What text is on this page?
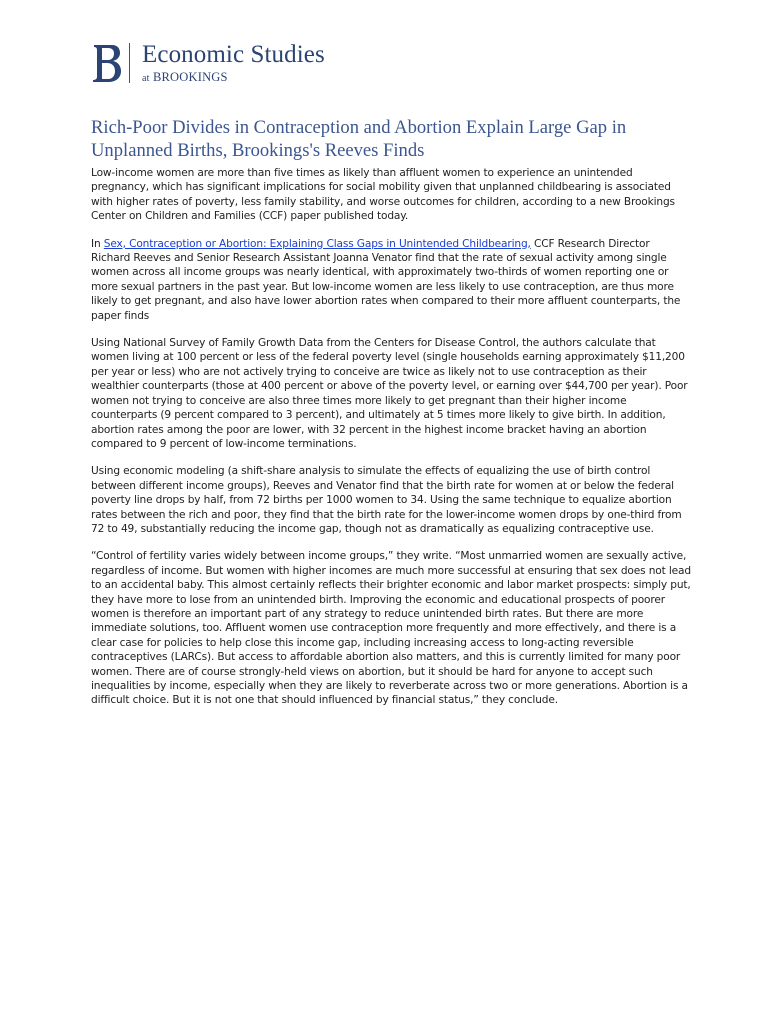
Economic Studies
at BROOKINGS
Rich-Poor Divides in Contraception and Abortion Explain Large Gap in Unplanned Births, Brookings's Reeves Finds

Low-income women are more than five times as likely than affluent women to experience an unintended pregnancy, which has significant implications for social mobility given that unplanned childbearing is associated with higher rates of poverty, less family stability, and worse outcomes for children, according to a new Brookings Center on Children and Families (CCF) paper published today.

In Sex, Contraception or Abortion: Explaining Class Gaps in Unintended Childbearing, CCF Research Director Richard Reeves and Senior Research Assistant Joanna Venator find that the rate of sexual activity among single women across all income groups was nearly identical, with approximately two-thirds of women reporting one or more sexual partners in the past year. But low-income women are less likely to use contraception, are thus more likely to get pregnant, and also have lower abortion rates when compared to their more affluent counterparts, the paper finds

Using National Survey of Family Growth Data from the Centers for Disease Control, the authors calculate that women living at 100 percent or less of the federal poverty level (single households earning approximately $11,200 per year or less) who are not actively trying to conceive are twice as likely not to use contraception as their wealthier counterparts (those at 400 percent or above of the poverty level, or earning over $44,700 per year). Poor women not trying to conceive are also three times more likely to get pregnant than their higher income counterparts (9 percent compared to 3 percent), and ultimately at 5 times more likely to give birth. In addition, abortion rates among the poor are lower, with 32 percent in the highest income bracket having an abortion compared to 9 percent of low-income terminations.

Using economic modeling (a shift-share analysis to simulate the effects of equalizing the use of birth control between different income groups), Reeves and Venator find that the birth rate for women at or below the federal poverty line drops by half, from 72 births per 1000 women to 34. Using the same technique to equalize abortion rates between the rich and poor, they find that the birth rate for the lower-income women drops by one-third from 72 to 49, substantially reducing the income gap, though not as dramatically as equalizing contraceptive use.

“Control of fertility varies widely between income groups,” they write. “Most unmarried women are sexually active, regardless of income. But women with higher incomes are much more successful at ensuring that sex does not lead to an accidental baby. This almost certainly reflects their brighter economic and labor market prospects: simply put, they have more to lose from an unintended birth. Improving the economic and educational prospects of poorer women is therefore an important part of any strategy to reduce unintended birth rates. But there are more immediate solutions, too. Affluent women use contraception more frequently and more effectively, and there is a clear case for policies to help close this income gap, including increasing access to long-acting reversible contraceptives (LARCs). But access to affordable abortion also matters, and this is currently limited for many poor women. There are of course strongly-held views on abortion, but it should be hard for anyone to accept such inequalities by income, especially when they are likely to reverberate across two or more generations. Abortion is a difficult choice. But it is not one that should influenced by financial status,” they conclude.
